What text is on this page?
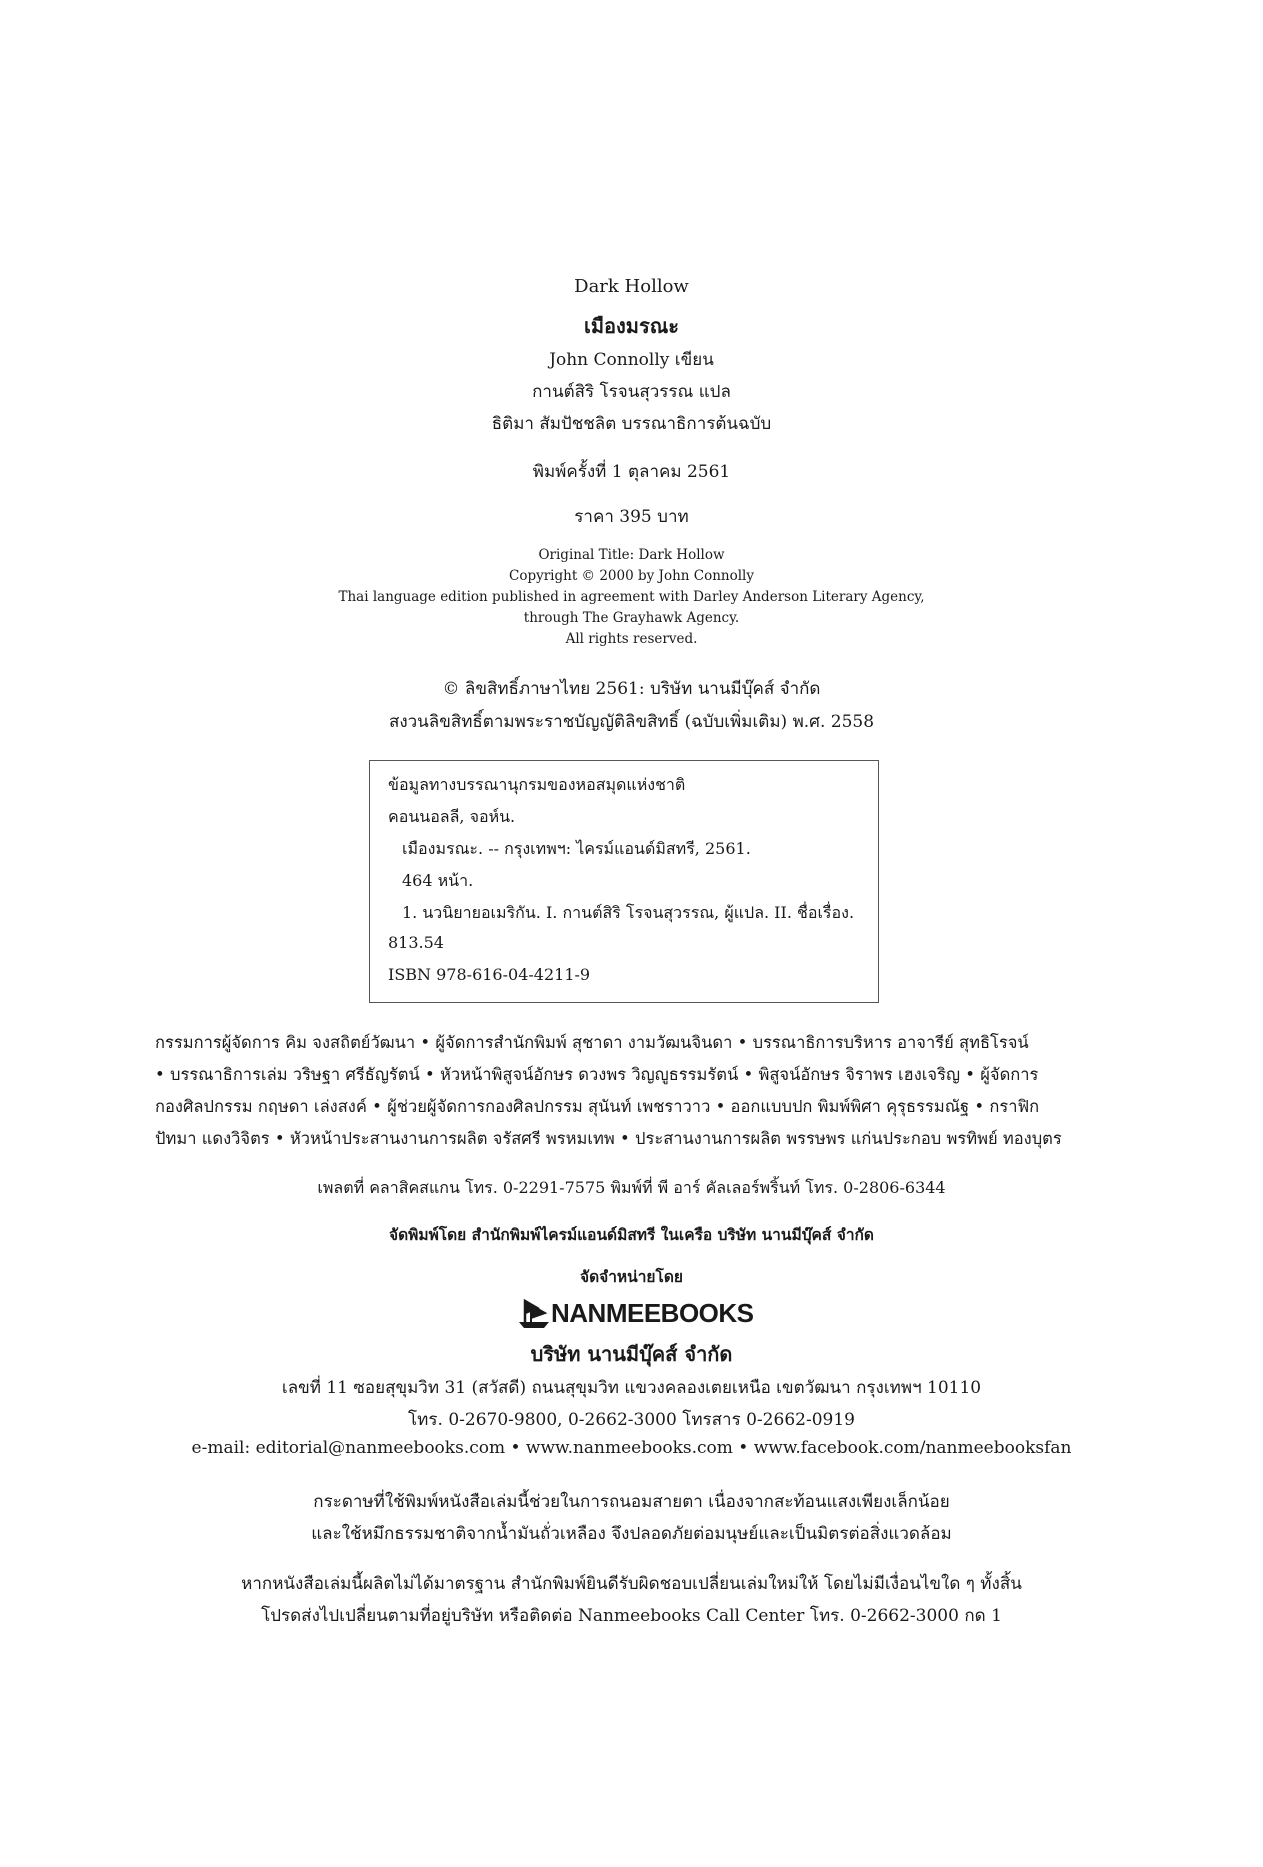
Dark Hollow
เมืองมรณะ
John Connolly เขียน
กานต์สิริ โรจนสุวรรณ แปล
ธิติมา สัมปัชชลิต บรรณาธิการต้นฉบับ
พิมพ์ครั้งที่ 1 ตุลาคม 2561
ราคา 395 บาท
Original Title: Dark Hollow
Copyright © 2000 by John Connolly
Thai language edition published in agreement with Darley Anderson Literary Agency,
through The Grayhawk Agency.
All rights reserved.
© ลิขสิทธิ์ภาษาไทย 2561: บริษัท นานมีบุ๊คส์ จำกัด
สงวนลิขสิทธิ์ตามพระราชบัญญัติลิขสิทธิ์ (ฉบับเพิ่มเติม) พ.ศ. 2558
ข้อมูลทางบรรณานุกรมของหอสมุดแห่งชาติ
คอนนอลลี, จอห์น.
เมืองมรณะ. -- กรุงเทพฯ: ไครม์แอนด์มิสทรี, 2561.
464 หน้า.
1. นวนิยายอเมริกัน. I. กานต์สิริ โรจนสุวรรณ, ผู้แปล. II. ชื่อเรื่อง.
813.54
ISBN 978-616-04-4211-9
กรรมการผู้จัดการ คิม จงสถิตย์วัฒนา • ผู้จัดการสำนักพิมพ์ สุชาดา งามวัฒนจินดา • บรรณาธิการบริหาร อาจารีย์ สุทธิโรจน์
• บรรณาธิการเล่ม วริษฐา ศรีธัญรัตน์ • หัวหน้าพิสูจน์อักษร ดวงพร วิญญูธรรมรัตน์ • พิสูจน์อักษร จิราพร เฮงเจริญ • ผู้จัดการ
กองศิลปกรรม กฤษดา เล่งสงค์ • ผู้ช่วยผู้จัดการกองศิลปกรรม สุนันท์ เพชราวาว • ออกแบบปก พิมพ์พิศา คุรุธรรมณัฐ • กราฟิก
ปัทมา แดงวิจิตร • หัวหน้าประสานงานการผลิต จรัสศรี พรหมเทพ • ประสานงานการผลิต พรรษพร แก่นประกอบ พรทิพย์ ทองบุตร
เพลตที่ คลาสิคสแกน โทร. 0-2291-7575 พิมพ์ที่ พี อาร์ คัลเลอร์พริ้นท์ โทร. 0-2806-6344
จัดพิมพ์โดย สำนักพิมพ์ไครม์แอนด์มิสทรี ในเครือ บริษัท นานมีบุ๊คส์ จำกัด
จัดจำหน่ายโดย
NANMEEBOOKS
บริษัท นานมีบุ๊คส์ จำกัด
เลขที่ 11 ซอยสุขุมวิท 31 (สวัสดี) ถนนสุขุมวิท แขวงคลองเตยเหนือ เขตวัฒนา กรุงเทพฯ 10110
โทร. 0-2670-9800, 0-2662-3000 โทรสาร 0-2662-0919
e-mail: editorial@nanmeebooks.com • www.nanmeebooks.com • www.facebook.com/nanmeebooksfan
กระดาษที่ใช้พิมพ์หนังสือเล่มนี้ช่วยในการถนอมสายตา เนื่องจากสะท้อนแสงเพียงเล็กน้อย
และใช้หมึกธรรมชาติจากน้ำมันถั่วเหลือง จึงปลอดภัยต่อมนุษย์และเป็นมิตรต่อสิ่งแวดล้อม
หากหนังสือเล่มนี้ผลิตไม่ได้มาตรฐาน สำนักพิมพ์ยินดีรับผิดชอบเปลี่ยนเล่มใหม่ให้ โดยไม่มีเงื่อนไขใด ๆ ทั้งสิ้น
โปรดส่งไปเปลี่ยนตามที่อยู่บริษัท หรือติดต่อ Nanmeebooks Call Center โทร. 0-2662-3000 กด 1
